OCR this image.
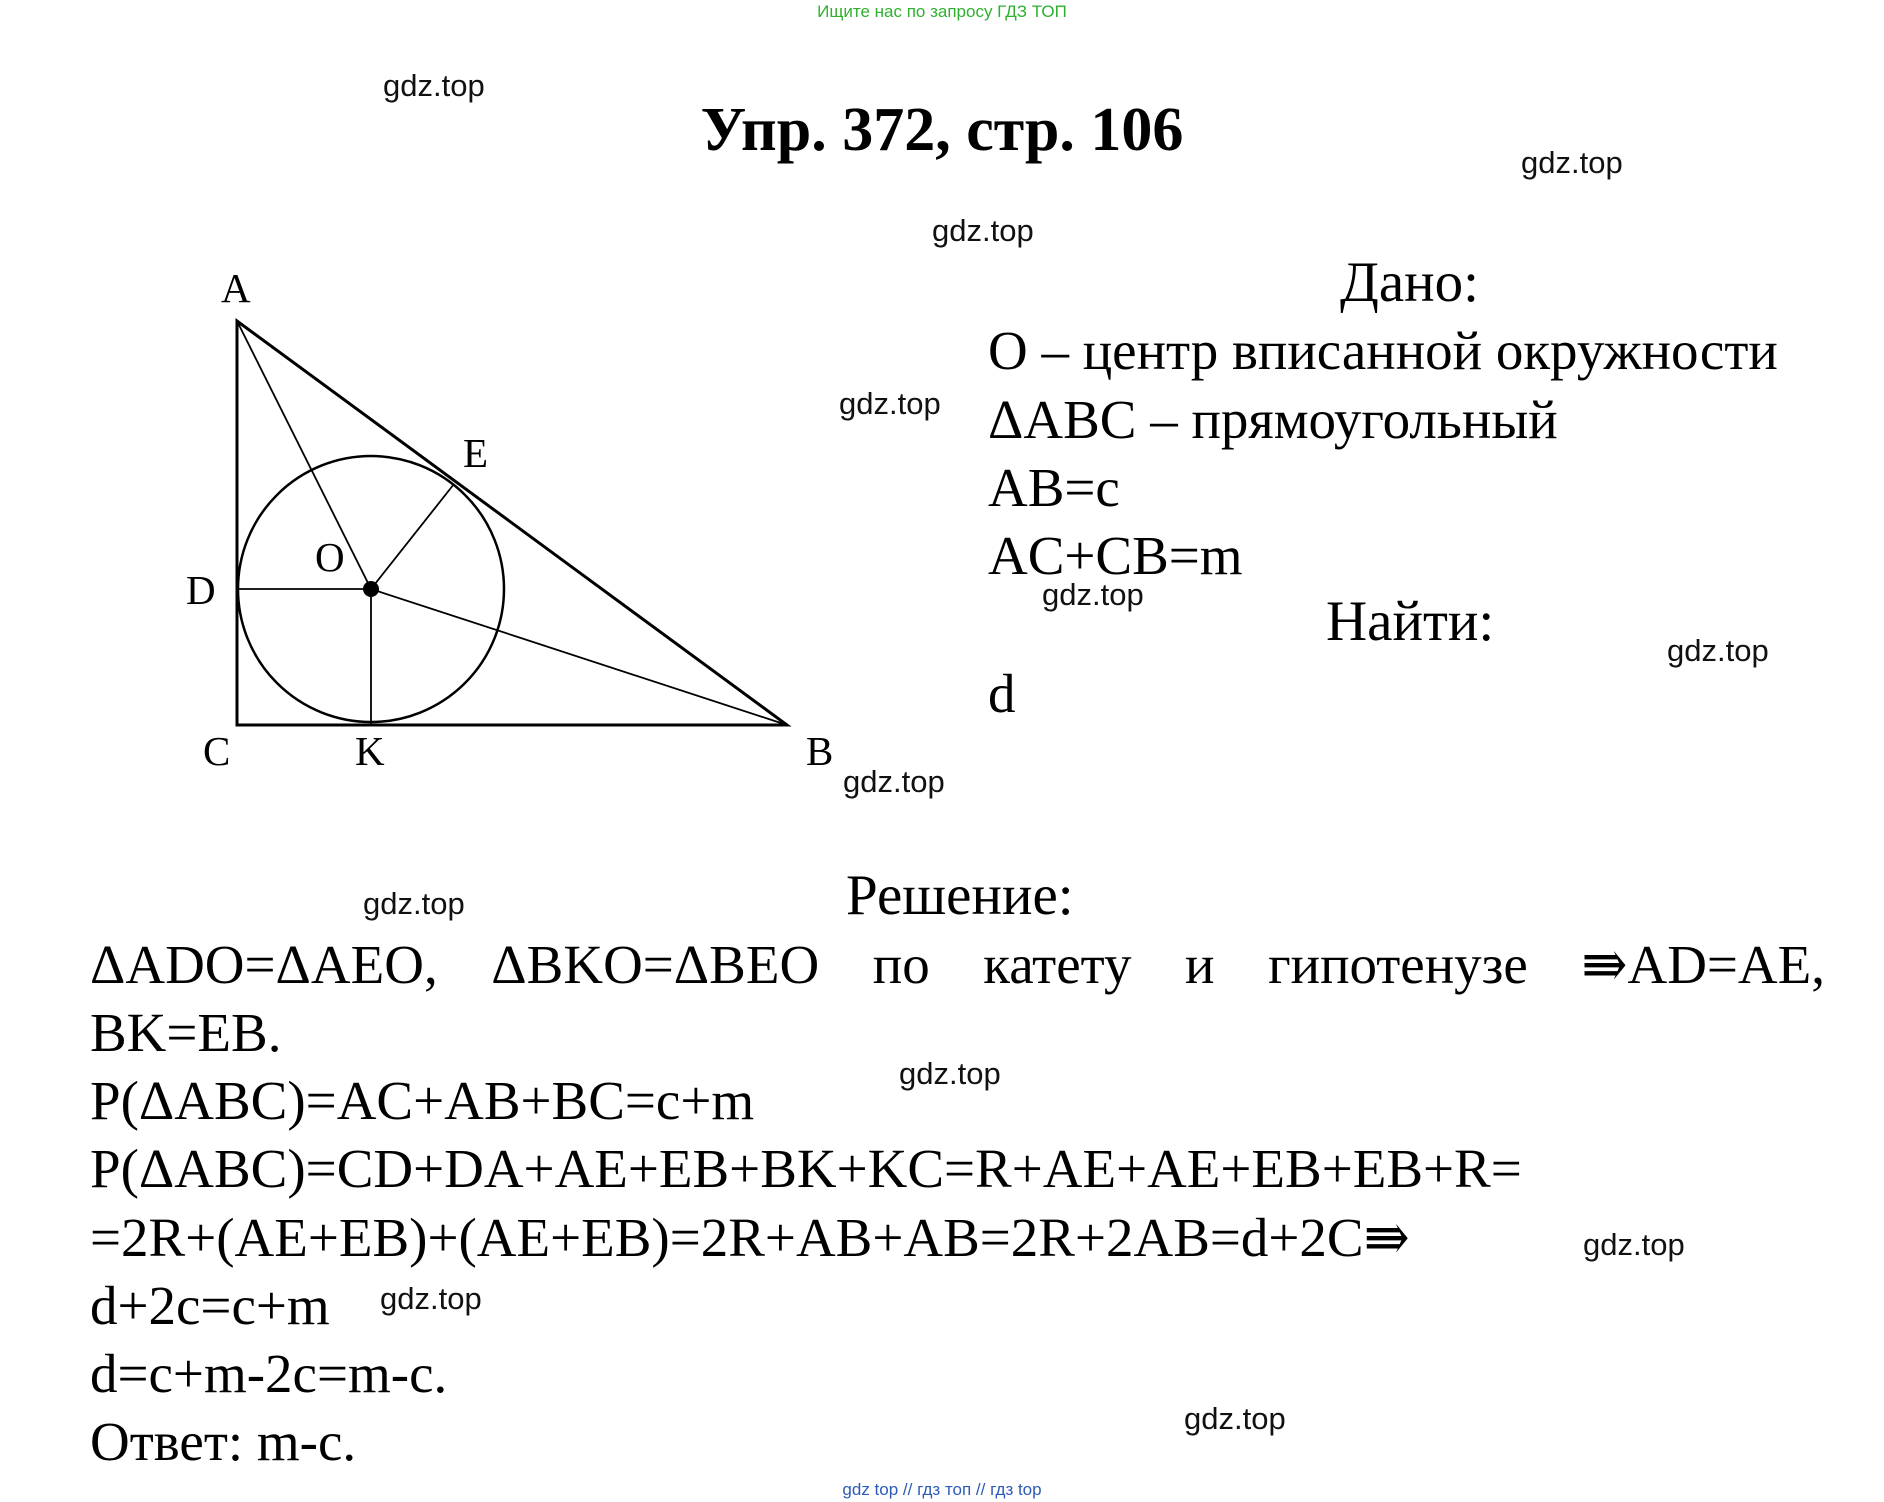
Ищите нас по запросу ГДЗ ТОП
Упр. 372, стр. 106
gdz.top
gdz.top
gdz.top
gdz.top
gdz.top
gdz.top
gdz.top
gdz.top
gdz.top
gdz.top
gdz.top
gdz.top
A
E
O
D
C	K	B
Дано:
O – центр вписанной окружности
ΔABC – прямоугольный
AB=c
AC+CB=m
Найти:
d
Решение:
ΔADO=ΔAEO, ΔBKO=ΔBEO по катету и гипотенузе ⇛AD=AE,
BK=EB.
P(ΔABC)=AC+AB+BC=c+m
P(ΔABC)=CD+DA+AE+EB+BK+KC=R+AE+AE+EB+EB+R=
=2R+(AE+EB)+(AE+EB)=2R+AB+AB=2R+2AB=d+2C⇛
d+2c=c+m
d=c+m-2c=m-c.
Ответ: m-c.
gdz top // гдз топ // гдз top
